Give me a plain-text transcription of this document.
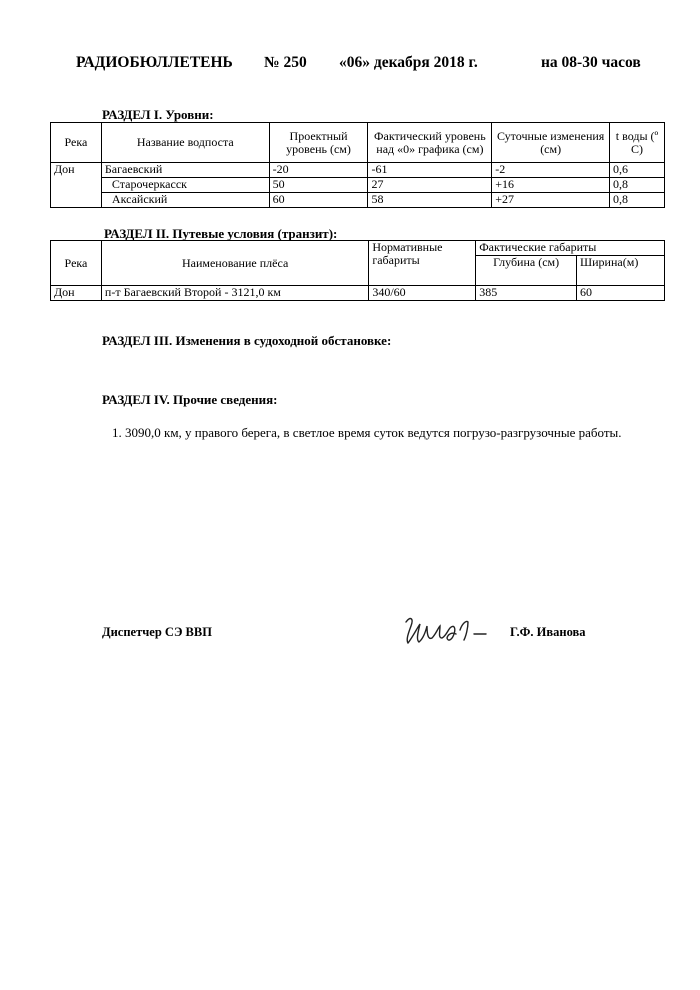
РАДИОБЮЛЛЕТЕНЬ № 250 «06» декабря 2018 г.	на 08-30 часов
РАЗДЕЛ I. Уровни:
Река	Название водпоста	Проектный уровень (см)	Фактический уровень над «0» графика (см)	Суточные изменения (см)	t воды (º С)
Дон	Багаевский	-20	-61	-2	0,6
	Старочеркасск	50	27	+16	0,8
	Аксайский	60	58	+27	0,8
РАЗДЕЛ II. Путевые условия (транзит):
Река	Наименование плёса	Нормативные габариты	Фактические габариты	
			Глубина (см)	Ширина(м)
Дон	п-т Багаевский Второй - 3121,0 км	340/60	385	60
РАЗДЕЛ III. Изменения в судоходной обстановке:
РАЗДЕЛ IV. Прочие сведения:
1. 3090,0 км, у правого берега, в светлое время суток ведутся погрузо-разгрузочные работы.
Диспетчер СЭ ВВП	Г.Ф. Иванова
